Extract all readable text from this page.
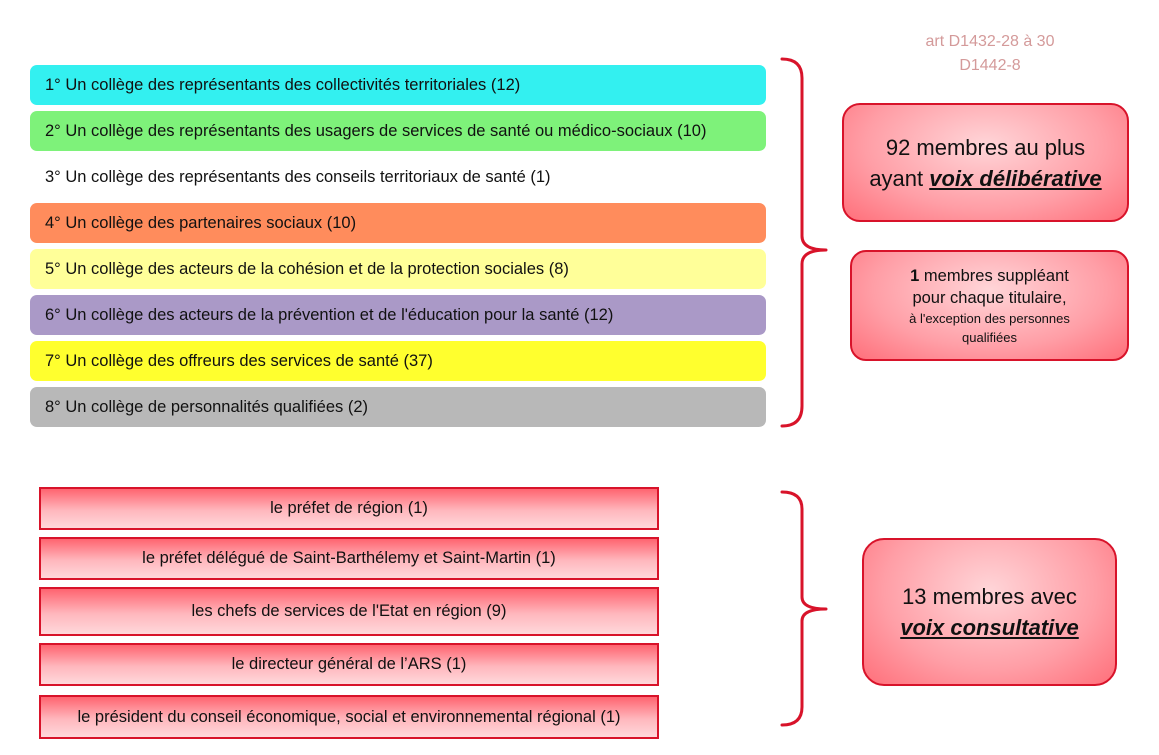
art D1432-28 à 30
D1442-8
1° Un collège des représentants des collectivités territoriales (12)
2° Un collège des représentants des usagers de services de santé ou médico-sociaux (10)
3° Un collège des représentants des conseils territoriaux de santé (1)
4° Un collège des partenaires sociaux (10)
5° Un collège des acteurs de la cohésion et de la protection sociales (8)
6° Un collège des acteurs de la prévention et de l'éducation pour la santé (12)
7° Un collège des offreurs des services de santé (37)
8° Un collège de personnalités qualifiées (2)
92 membres au plus
ayant voix délibérative
1 membres suppléant
pour chaque titulaire,
à l'exception des personnes
qualifiées
le préfet de région (1)
le préfet délégué de Saint-Barthélemy et Saint-Martin (1)
les chefs de services de l'Etat en région (9)
le directeur général de l’ARS (1)
le président du conseil économique, social et environnemental régional (1)
13 membres avec
voix consultative
